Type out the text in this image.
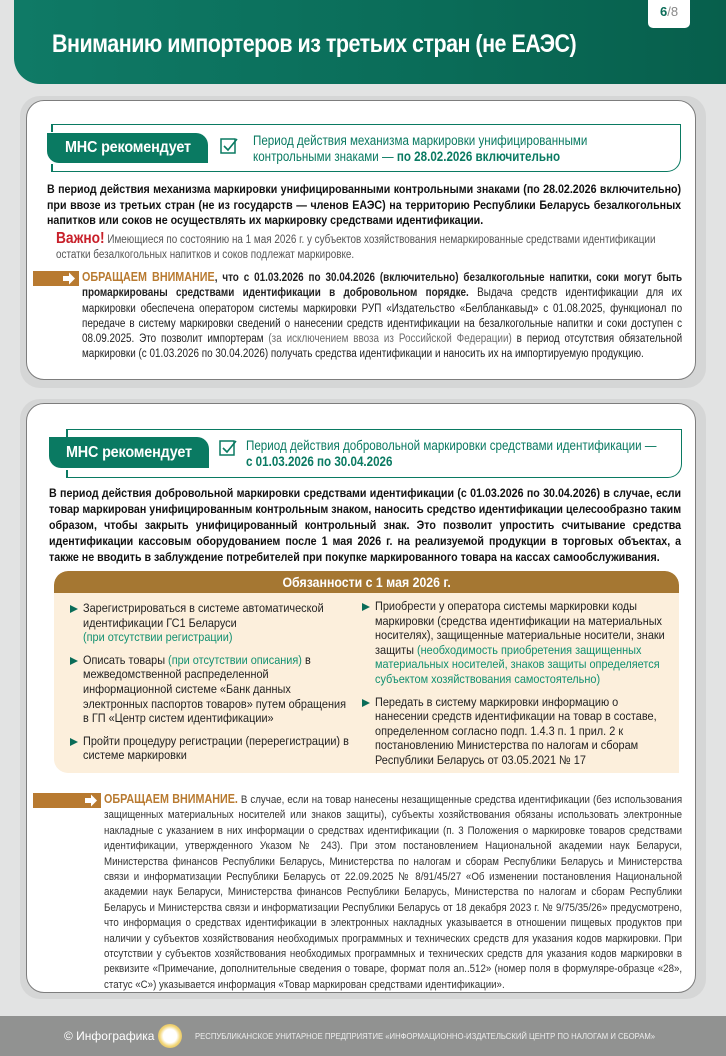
Вниманию импортеров из третьих стран (не ЕАЭС)
6/8
МНС рекомендует	Период действия механизма маркировки унифицированными
контрольными знаками — по 28.02.2026 включительно
В период действия механизма маркировки унифицированными контрольными знаками (по 28.02.2026 включительно) при ввозе из третьих стран (не из государств — членов ЕАЭС) на территорию Республики Беларусь безалкогольных напитков или соков не осуществлять их маркировку средствами идентификации.
Важно! Имеющиеся по состоянию на 1 мая 2026 г. у субъектов хозяйствования немаркированные средствами идентификации остатки безалкогольных напитков и соков подлежат маркировке.
ОБРАЩАЕМ ВНИМАНИЕ, что с 01.03.2026 по 30.04.2026 (включительно) безалкогольные напитки, соки могут быть промаркированы средствами идентификации в добровольном порядке. Выдача средств идентификации для их маркировки обеспечена оператором системы маркировки РУП «Издательство «Белбланкавыд» с 01.08.2025, функционал по передаче в систему маркировки сведений о нанесении средств идентификации на безалкогольные напитки и соки доступен с 08.09.2025. Это позволит импортерам (за исключением ввоза из Российской Федерации) в период отсутствия обязательной маркировки (с 01.03.2026 по 30.04.2026) получать средства идентификации и наносить их на импортируемую продукцию.
МНС рекомендует	Период действия добровольной маркировки средствами идентификации —
с 01.03.2026 по 30.04.2026
В период действия добровольной маркировки средствами идентификации (с 01.03.2026 по 30.04.2026) в случае, если товар маркирован унифицированным контрольным знаком, наносить средство идентификации целесообразно таким образом, чтобы закрыть унифицированный контрольный знак. Это позволит упростить считывание средства идентификации кассовым оборудованием после 1 мая 2026 г. на реализуемой продукции в торговых объектах, а также не вводить в заблуждение потребителей при покупке маркированного товара на кассах самообслуживания.
Обязанности с 1 мая 2026 г.
Зарегистрироваться в системе автоматической идентификации ГС1 Беларуси
(при отсутствии регистрации)
Описать товары (при отсутствии описания) в межведомственной распределенной информационной системе «Банк данных электронных паспортов товаров» путем обращения в ГП «Центр систем идентификации»
Пройти процедуру регистрации (перерегистрации) в системе маркировки
Приобрести у оператора системы маркировки коды маркировки (средства идентификации на материальных носителях), защищенные материальные носители, знаки защиты (необходимость приобретения защищенных материальных носителей, знаков защиты определяется субъектом хозяйствования самостоятельно)
Передать в систему маркировки информацию о нанесении средств идентификации на товар в составе, определенном согласно подп. 1.4.3 п. 1 прил. 2 к постановлению Министерства по налогам и сборам Республики Беларусь от 03.05.2021 № 17
ОБРАЩАЕМ ВНИМАНИЕ. В случае, если на товар нанесены незащищенные средства идентификации (без использования защищенных материальных носителей или знаков защиты), субъекты хозяйствования обязаны использовать электронные накладные с указанием в них информации о средствах идентификации (п. 3 Положения о маркировке товаров средствами идентификации, утвержденного Указом № 243). При этом постановлением Национальной академии наук Беларуси, Министерства финансов Республики Беларусь, Министерства по налогам и сборам Республики Беларусь и Министерства связи и информатизации Республики Беларусь от 22.09.2025 № 8/91/45/27 «Об изменении постановления Национальной академии наук Беларуси, Министерства финансов Республики Беларусь, Министерства по налогам и сборам Республики Беларусь и Министерства связи и информатизации Республики Беларусь от 18 декабря 2023 г. № 9/75/35/26» предусмотрено, что информация о средствах идентификации в электронных накладных указывается в отношении пищевых продуктов при наличии у субъектов хозяйствования необходимых программных и технических средств для указания кодов маркировки. При отсутствии у субъектов хозяйствования необходимых программных и технических средств для указания кодов маркировки в реквизите «Примечание, дополнительные сведения о товаре, формат поля an..512» (номер поля в формуляре-образце «28», статус «C») указывается информация «Товар маркирован средствами идентификации».
© Инфографика	РЕСПУБЛИКАНСКОЕ УНИТАРНОЕ ПРЕДПРИЯТИЕ «ИНФОРМАЦИОННО-ИЗДАТЕЛЬСКИЙ ЦЕНТР ПО НАЛОГАМ И СБОРАМ»
